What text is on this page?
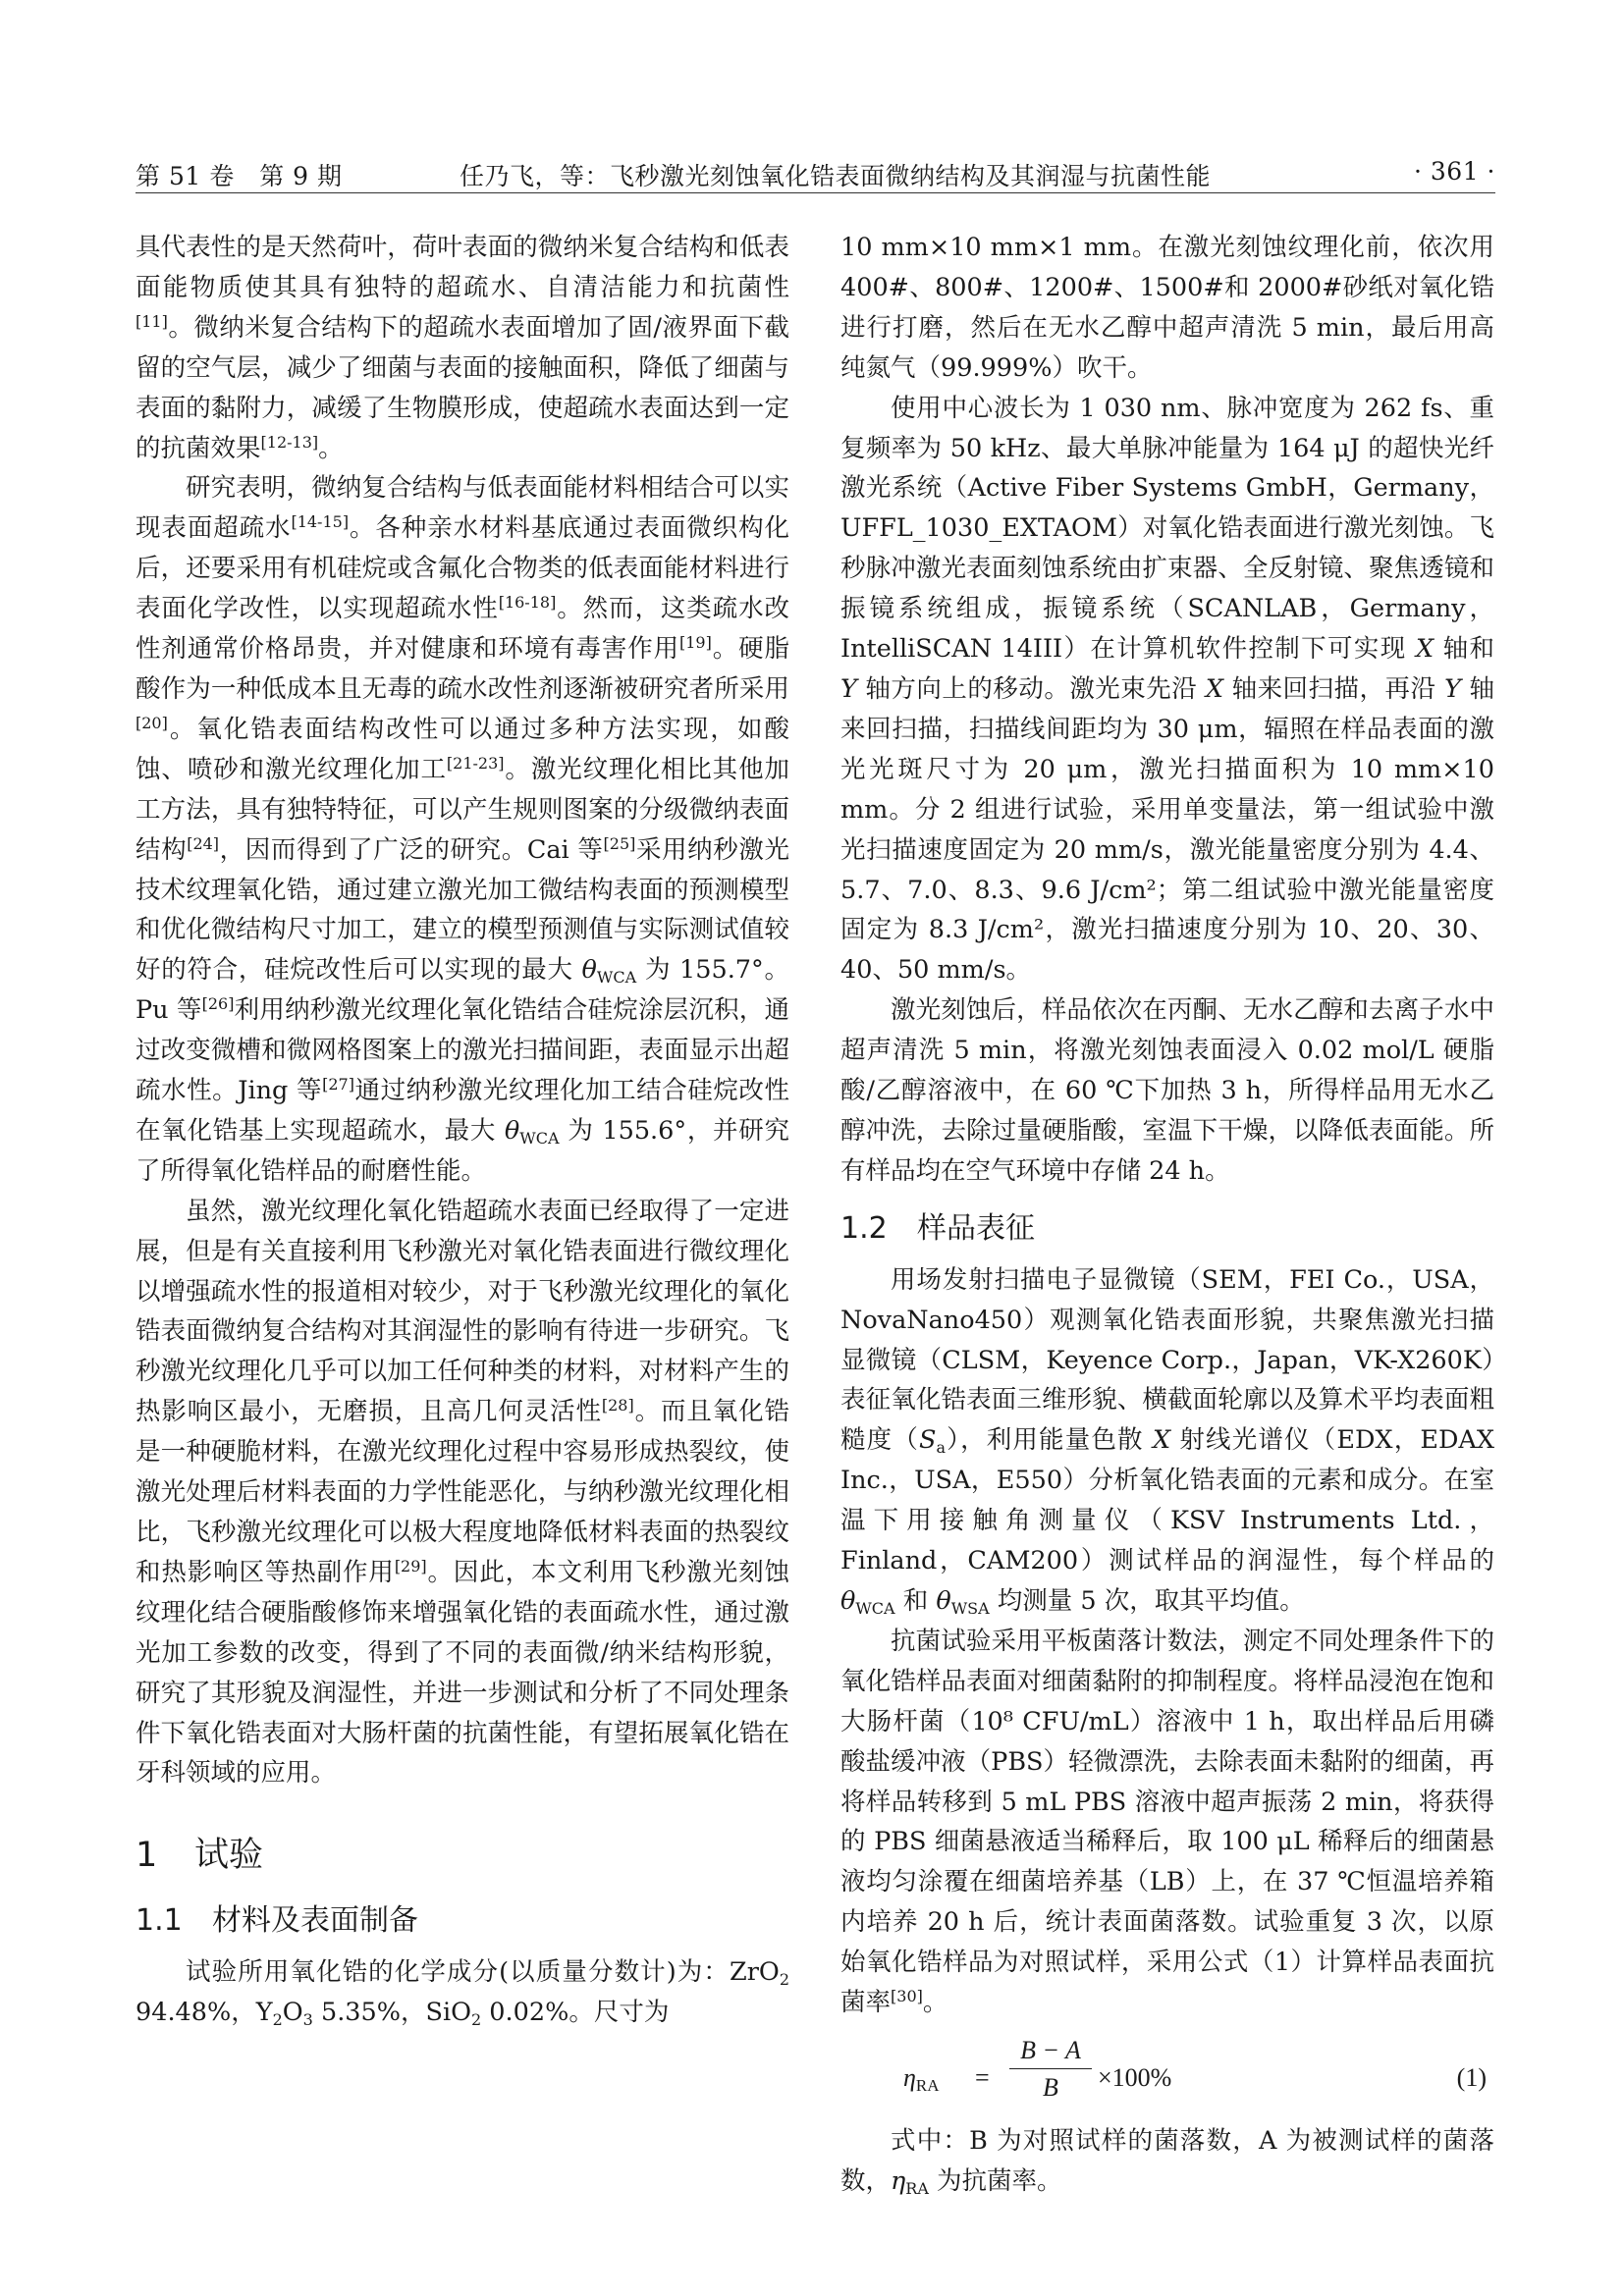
第 51 卷　第 9 期	任乃飞，等：飞秒激光刻蚀氧化锆表面微纳结构及其润湿与抗菌性能	· 361 ·

具代表性的是天然荷叶，荷叶表面的微纳米复合结构和低表面能物质使其具有独特的超疏水、自清洁能力和抗菌性[11]。微纳米复合结构下的超疏水表面增加了固/液界面下截留的空气层，减少了细菌与表面的接触面积，降低了细菌与表面的黏附力，减缓了生物膜形成，使超疏水表面达到一定的抗菌效果[12-13]。

研究表明，微纳复合结构与低表面能材料相结合可以实现表面超疏水[14-15]。各种亲水材料基底通过表面微织构化后，还要采用有机硅烷或含氟化合物类的低表面能材料进行表面化学改性，以实现超疏水性[16-18]。然而，这类疏水改性剂通常价格昂贵，并对健康和环境有毒害作用[19]。硬脂酸作为一种低成本且无毒的疏水改性剂逐渐被研究者所采用[20]。氧化锆表面结构改性可以通过多种方法实现，如酸蚀、喷砂和激光纹理化加工[21-23]。激光纹理化相比其他加工方法，具有独特特征，可以产生规则图案的分级微纳表面结构[24]，因而得到了广泛的研究。Cai 等[25]采用纳秒激光技术纹理氧化锆，通过建立激光加工微结构表面的预测模型和优化微结构尺寸加工，建立的模型预测值与实际测试值较好的符合，硅烷改性后可以实现的最大 $\theta_{WCA}$ 为 155.7°。Pu 等[26]利用纳秒激光纹理化氧化锆结合硅烷涂层沉积，通过改变微槽和微网格图案上的激光扫描间距，表面显示出超疏水性。Jing 等[27]通过纳秒激光纹理化加工结合硅烷改性在氧化锆基上实现超疏水，最大 $\theta_{WCA}$ 为 155.6°，并研究了所得氧化锆样品的耐磨性能。

虽然，激光纹理化氧化锆超疏水表面已经取得了一定进展，但是有关直接利用飞秒激光对氧化锆表面进行微纹理化以增强疏水性的报道相对较少，对于飞秒激光纹理化的氧化锆表面微纳复合结构对其润湿性的影响有待进一步研究。飞秒激光纹理化几乎可以加工任何种类的材料，对材料产生的热影响区最小，无磨损，且高几何灵活性[28]。而且氧化锆是一种硬脆材料，在激光纹理化过程中容易形成热裂纹，使激光处理后材料表面的力学性能恶化，与纳秒激光纹理化相比，飞秒激光纹理化可以极大程度地降低材料表面的热裂纹和热影响区等热副作用[29]。因此，本文利用飞秒激光刻蚀纹理化结合硬脂酸修饰来增强氧化锆的表面疏水性，通过激光加工参数的改变，得到了不同的表面微/纳米结构形貌，研究了其形貌及润湿性，并进一步测试和分析了不同处理条件下氧化锆表面对大肠杆菌的抗菌性能，有望拓展氧化锆在牙科领域的应用。

1 试验
1.1 材料及表面制备

试验所用氧化锆的化学成分(以质量分数计)为：ZrO$_2$ 94.48%，$Y_2O_3$ 5.35%，SiO$_2$ 0.02%。尺寸为

10 mm×10 mm×1 mm。在激光刻蚀纹理化前，依次用 400#、800#、1200#、1500#和 2000#砂纸对氧化锆进行打磨，然后在无水乙醇中超声清洗 5 min，最后用高纯氮气（99.999%）吹干。

使用中心波长为 1 030 nm、脉冲宽度为 262 fs、重复频率为 50 kHz、最大单脉冲能量为 164 μJ 的超快光纤激光系统（Active Fiber Systems GmbH，Germany，UFFL_1030_EXTAOM）对氧化锆表面进行激光刻蚀。飞秒脉冲激光表面刻蚀系统由扩束器、全反射镜、聚焦透镜和振镜系统组成，振镜系统（SCANLAB，Germany，IntelliSCAN 14III）在计算机软件控制下可实现 X 轴和 Y 轴方向上的移动。激光束先沿 X 轴来回扫描，再沿 Y 轴来回扫描，扫描线间距均为 30 μm，辐照在样品表面的激光光斑尺寸为 20 μm，激光扫描面积为 10 mm×10 mm。分 2 组进行试验，采用单变量法，第一组试验中激光扫描速度固定为 20 mm/s，激光能量密度分别为 4.4、5.7、7.0、8.3、9.6 J/cm²；第二组试验中激光能量密度固定为 8.3 J/cm²，激光扫描速度分别为 10、20、30、40、50 mm/s。

激光刻蚀后，样品依次在丙酮、无水乙醇和去离子水中超声清洗 5 min，将激光刻蚀表面浸入 0.02 mol/L 硬脂酸/乙醇溶液中，在 60 ℃下加热 3 h，所得样品用无水乙醇冲洗，去除过量硬脂酸，室温下干燥，以降低表面能。所有样品均在空气环境中存储 24 h。

1.2 样品表征

用场发射扫描电子显微镜（SEM，FEI Co.，USA，NovaNano450）观测氧化锆表面形貌，共聚焦激光扫描显微镜（CLSM，Keyence Corp.，Japan，VK-X260K）表征氧化锆表面三维形貌、横截面轮廓以及算术平均表面粗糙度$(S_a)$，利用能量色散 X 射线光谱仪（EDX，EDAX Inc.，USA，E550）分析氧化锆表面的元素和成分。在室温下用接触角测量仪（KSV Instruments Ltd.，Finland，CAM200）测试样品的润湿性，每个样品的 $\theta_{WCA}$ 和 $\theta_{WSA}$ 均测量 5 次，取其平均值。

抗菌试验采用平板菌落计数法，测定不同处理条件下的氧化锆样品表面对细菌黏附的抑制程度。将样品浸泡在饱和大肠杆菌（10⁸ CFU/mL）溶液中 1 h，取出样品后用磷酸盐缓冲液（PBS）轻微漂洗，去除表面未黏附的细菌，再将样品转移到 5 mL PBS 溶液中超声振荡 2 min，将获得的 PBS 细菌悬液适当稀释后，取 100 μL 稀释后的细菌悬液均匀涂覆在细菌培养基（LB）上，在 37 ℃恒温培养箱内培养 20 h 后，统计表面菌落数。试验重复 3 次，以原始氧化锆样品为对照试样，采用公式（1）计算样品表面抗菌率[30]。

$\eta_{RA} = \frac{B - A}{B} \times 100\%$	(1)

式中：B 为对照试样的菌落数，A 为被测试样的菌落数，$\eta_{RA}$ 为抗菌率。
